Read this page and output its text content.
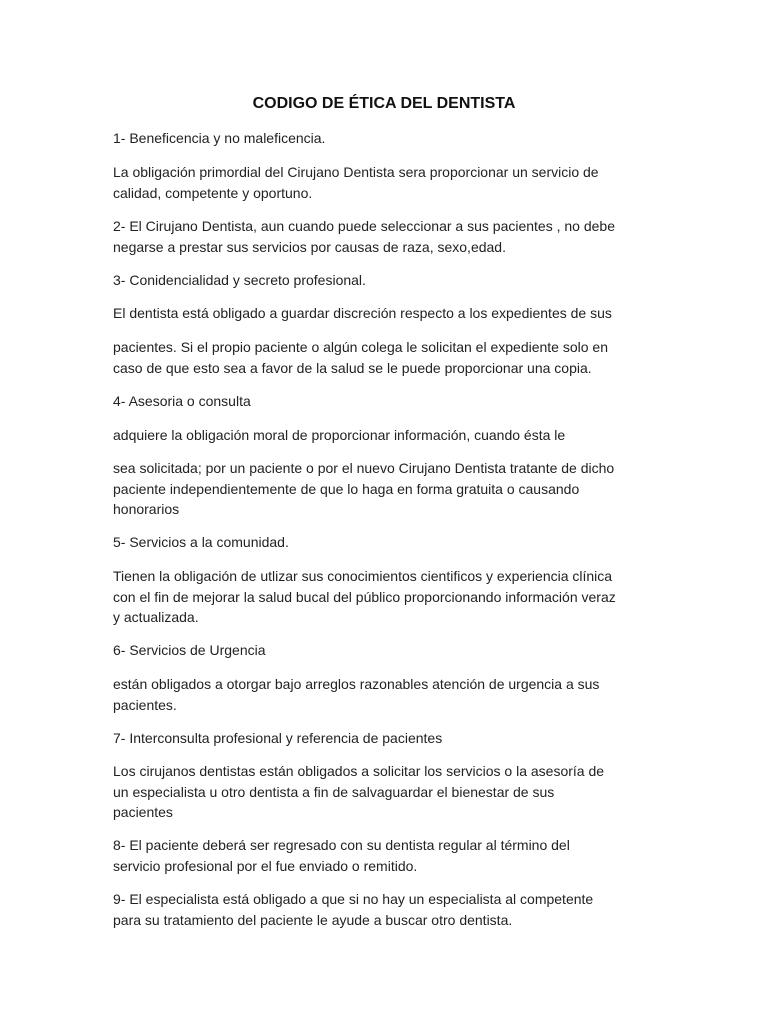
CODIGO DE ÉTICA DEL DENTISTA

1- Beneficencia y no maleficencia.

La obligación primordial del Cirujano Dentista sera proporcionar un servicio de
calidad, competente y oportuno.

2- El Cirujano Dentista, aun cuando puede seleccionar a sus pacientes , no debe
negarse a prestar sus servicios por causas de raza, sexo,edad.

3- Conidencialidad y secreto profesional.

El dentista está obligado a guardar discreción respecto a los expedientes de sus

pacientes. Si el propio paciente o algún colega le solicitan el expediente solo en
caso de que esto sea a favor de la salud se le puede proporcionar una copia.

4- Asesoria o consulta

adquiere la obligación moral de proporcionar información, cuando ésta le

sea solicitada; por un paciente o por el nuevo Cirujano Dentista tratante de dicho
paciente independientemente de que lo haga en forma gratuita o causando
honorarios

5- Servicios a la comunidad.

Tienen la obligación de utlizar sus conocimientos cientificos y experiencia clínica
con el fin de mejorar la salud bucal del público proporcionando información veraz
y actualizada.

6- Servicios de Urgencia

están obligados a otorgar bajo arreglos razonables atención de urgencia a sus
pacientes.

7- Interconsulta profesional y referencia de pacientes

Los cirujanos dentistas están obligados a solicitar los servicios o la asesoría de
un especialista u otro dentista a fin de salvaguardar el bienestar de sus
pacientes

8- El paciente deberá ser regresado con su dentista regular al término del
servicio profesional por el fue enviado o remitido.

9- El especialista está obligado a que si no hay un especialista al competente
para su tratamiento del paciente le ayude a buscar otro dentista.
